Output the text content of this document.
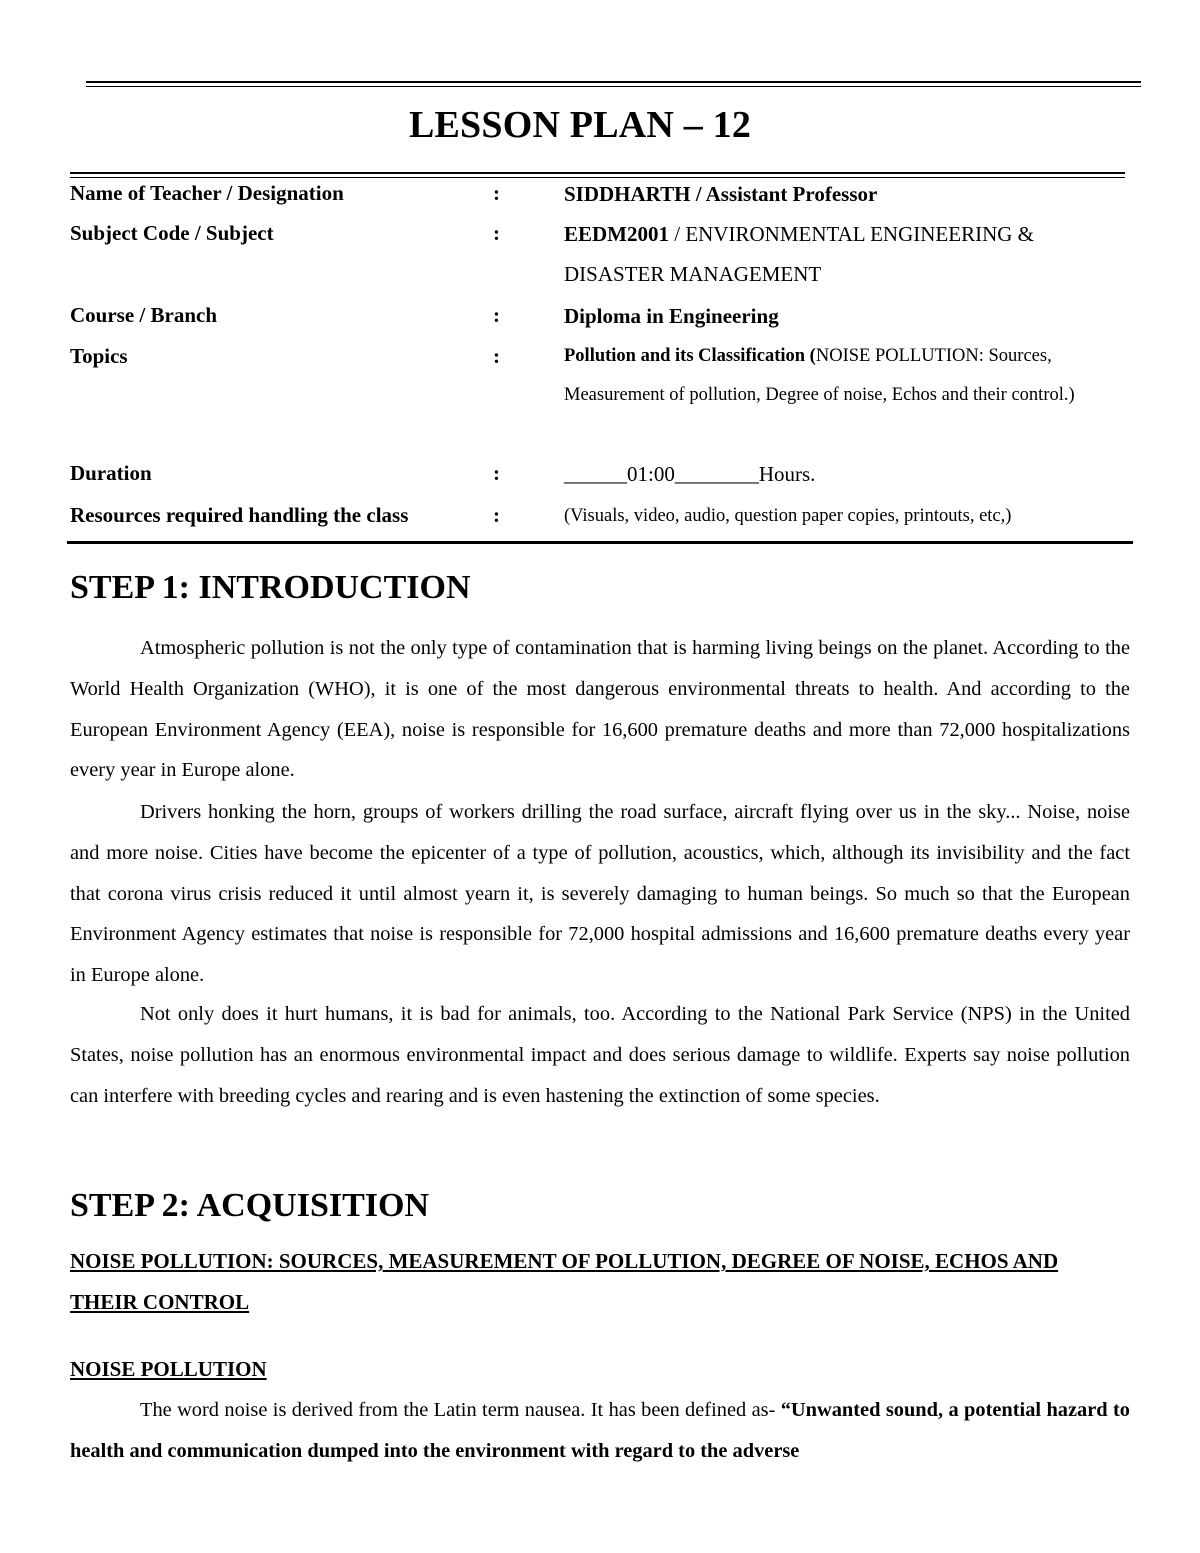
LESSON PLAN – 12
Name of Teacher / Designation	:	SIDDHARTH / Assistant Professor
Subject Code / Subject	:	EEDM2001 / ENVIRONMENTAL ENGINEERING &
DISASTER MANAGEMENT
Course / Branch	:	Diploma in Engineering
Topics	:	Pollution and its Classification (NOISE POLLUTION: Sources, Measurement of pollution, Degree of noise, Echos and their control.)
Duration	:	______01:00________Hours.
Resources required handling the class	:	(Visuals, video, audio, question paper copies, printouts, etc,)
STEP 1: INTRODUCTION

Atmospheric pollution is not the only type of contamination that is harming living beings on the planet. According to the World Health Organization (WHO), it is one of the most dangerous environmental threats to health. And according to the European Environment Agency (EEA), noise is responsible for 16,600 premature deaths and more than 72,000 hospitalizations every year in Europe alone.

Drivers honking the horn, groups of workers drilling the road surface, aircraft flying over us in the sky... Noise, noise and more noise. Cities have become the epicenter of a type of pollution, acoustics, which, although its invisibility and the fact that corona virus crisis reduced it until almost yearn it, is severely damaging to human beings. So much so that the European Environment Agency estimates that noise is responsible for 72,000 hospital admissions and 16,600 premature deaths every year in Europe alone.

Not only does it hurt humans, it is bad for animals, too. According to the National Park Service (NPS) in the United States, noise pollution has an enormous environmental impact and does serious damage to wildlife. Experts say noise pollution can interfere with breeding cycles and rearing and is even hastening the extinction of some species.

STEP 2: ACQUISITION
NOISE POLLUTION: SOURCES, MEASUREMENT OF POLLUTION, DEGREE OF NOISE, ECHOS AND THEIR CONTROL
NOISE POLLUTION

The word noise is derived from the Latin term nausea. It has been defined as- “Unwanted sound, a potential hazard to health and communication dumped into the environment with regard to the adverse
